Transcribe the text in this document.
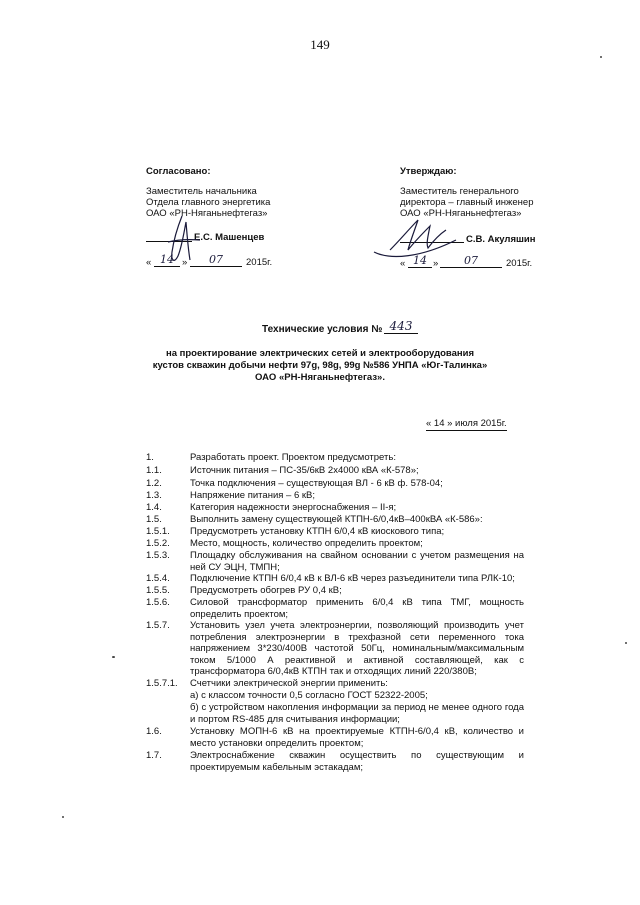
149
Согласовано:
Заместитель начальника
Отдела главного энергетика
ОАО «РН-Няганьнефтегаз»
Е.С. Машенцев
« 14 »	07	2015г.
Утверждаю:
Заместитель генерального
директора – главный инженер
ОАО «РН-Няганьнефтегаз»
С.В. Акуляшин
« 14 »	07	2015г.
Технические условия № 443
на проектирование электрических сетей и электрооборудования
кустов скважин добычи нефти 97g, 98g, 99g №586 УНПА «Юг-Талинка»
ОАО «РН-Няганьнефтегаз».
« 14 » июля 2015г.
1.	Разработать проект. Проектом предусмотреть:
1.1.	Источник питания – ПС-35/6кВ 2х4000 кВА «К-578»;
1.2.	Точка подключения – существующая ВЛ - 6 кВ ф. 578-04;
1.3.	Напряжение питания – 6 кВ;
1.4.	Категория надежности энергоснабжения – II-я;
1.5.	Выполнить замену существующей КТПН-6/0,4кВ–400кВА «К-586»:
1.5.1. Предусмотреть установку КТПН 6/0,4 кВ киоскового типа;
1.5.2. Место, мощность, количество определить проектом;
1.5.3. Площадку обслуживания на свайном основании с учетом размещения на ней СУ ЭЦН, ТМПН;
1.5.4. Подключение КТПН 6/0,4 кВ к ВЛ-6 кВ через разъединители типа РЛК-10;
1.5.5. Предусмотреть обогрев РУ 0,4 кВ;
1.5.6. Силовой трансформатор применить 6/0,4 кВ типа ТМГ, мощность определить проектом;
1.5.7. Установить узел учета электроэнергии, позволяющий производить учет потребления электроэнергии в трехфазной сети переменного тока напряжением 3*230/400В частотой 50Гц, номинальным/максимальным током 5/1000 А реактивной и активной составляющей, как с трансформатора 6/0,4кВ КТПН так и отходящих линий 220/380В;
1.5.7.1. Счетчики электрической энергии применить:
а) с классом точности 0,5 согласно ГОСТ 52322-2005;
б) с устройством накопления информации за период не менее одного года и портом RS-485 для считывания информации;
1.6.	Установку МОПН-6 кВ на проектируемые КТПН-6/0,4 кВ, количество и место установки определить проектом;
1.7.	Электроснабжение скважин осуществить по существующим и проектируемым кабельным эстакадам;
